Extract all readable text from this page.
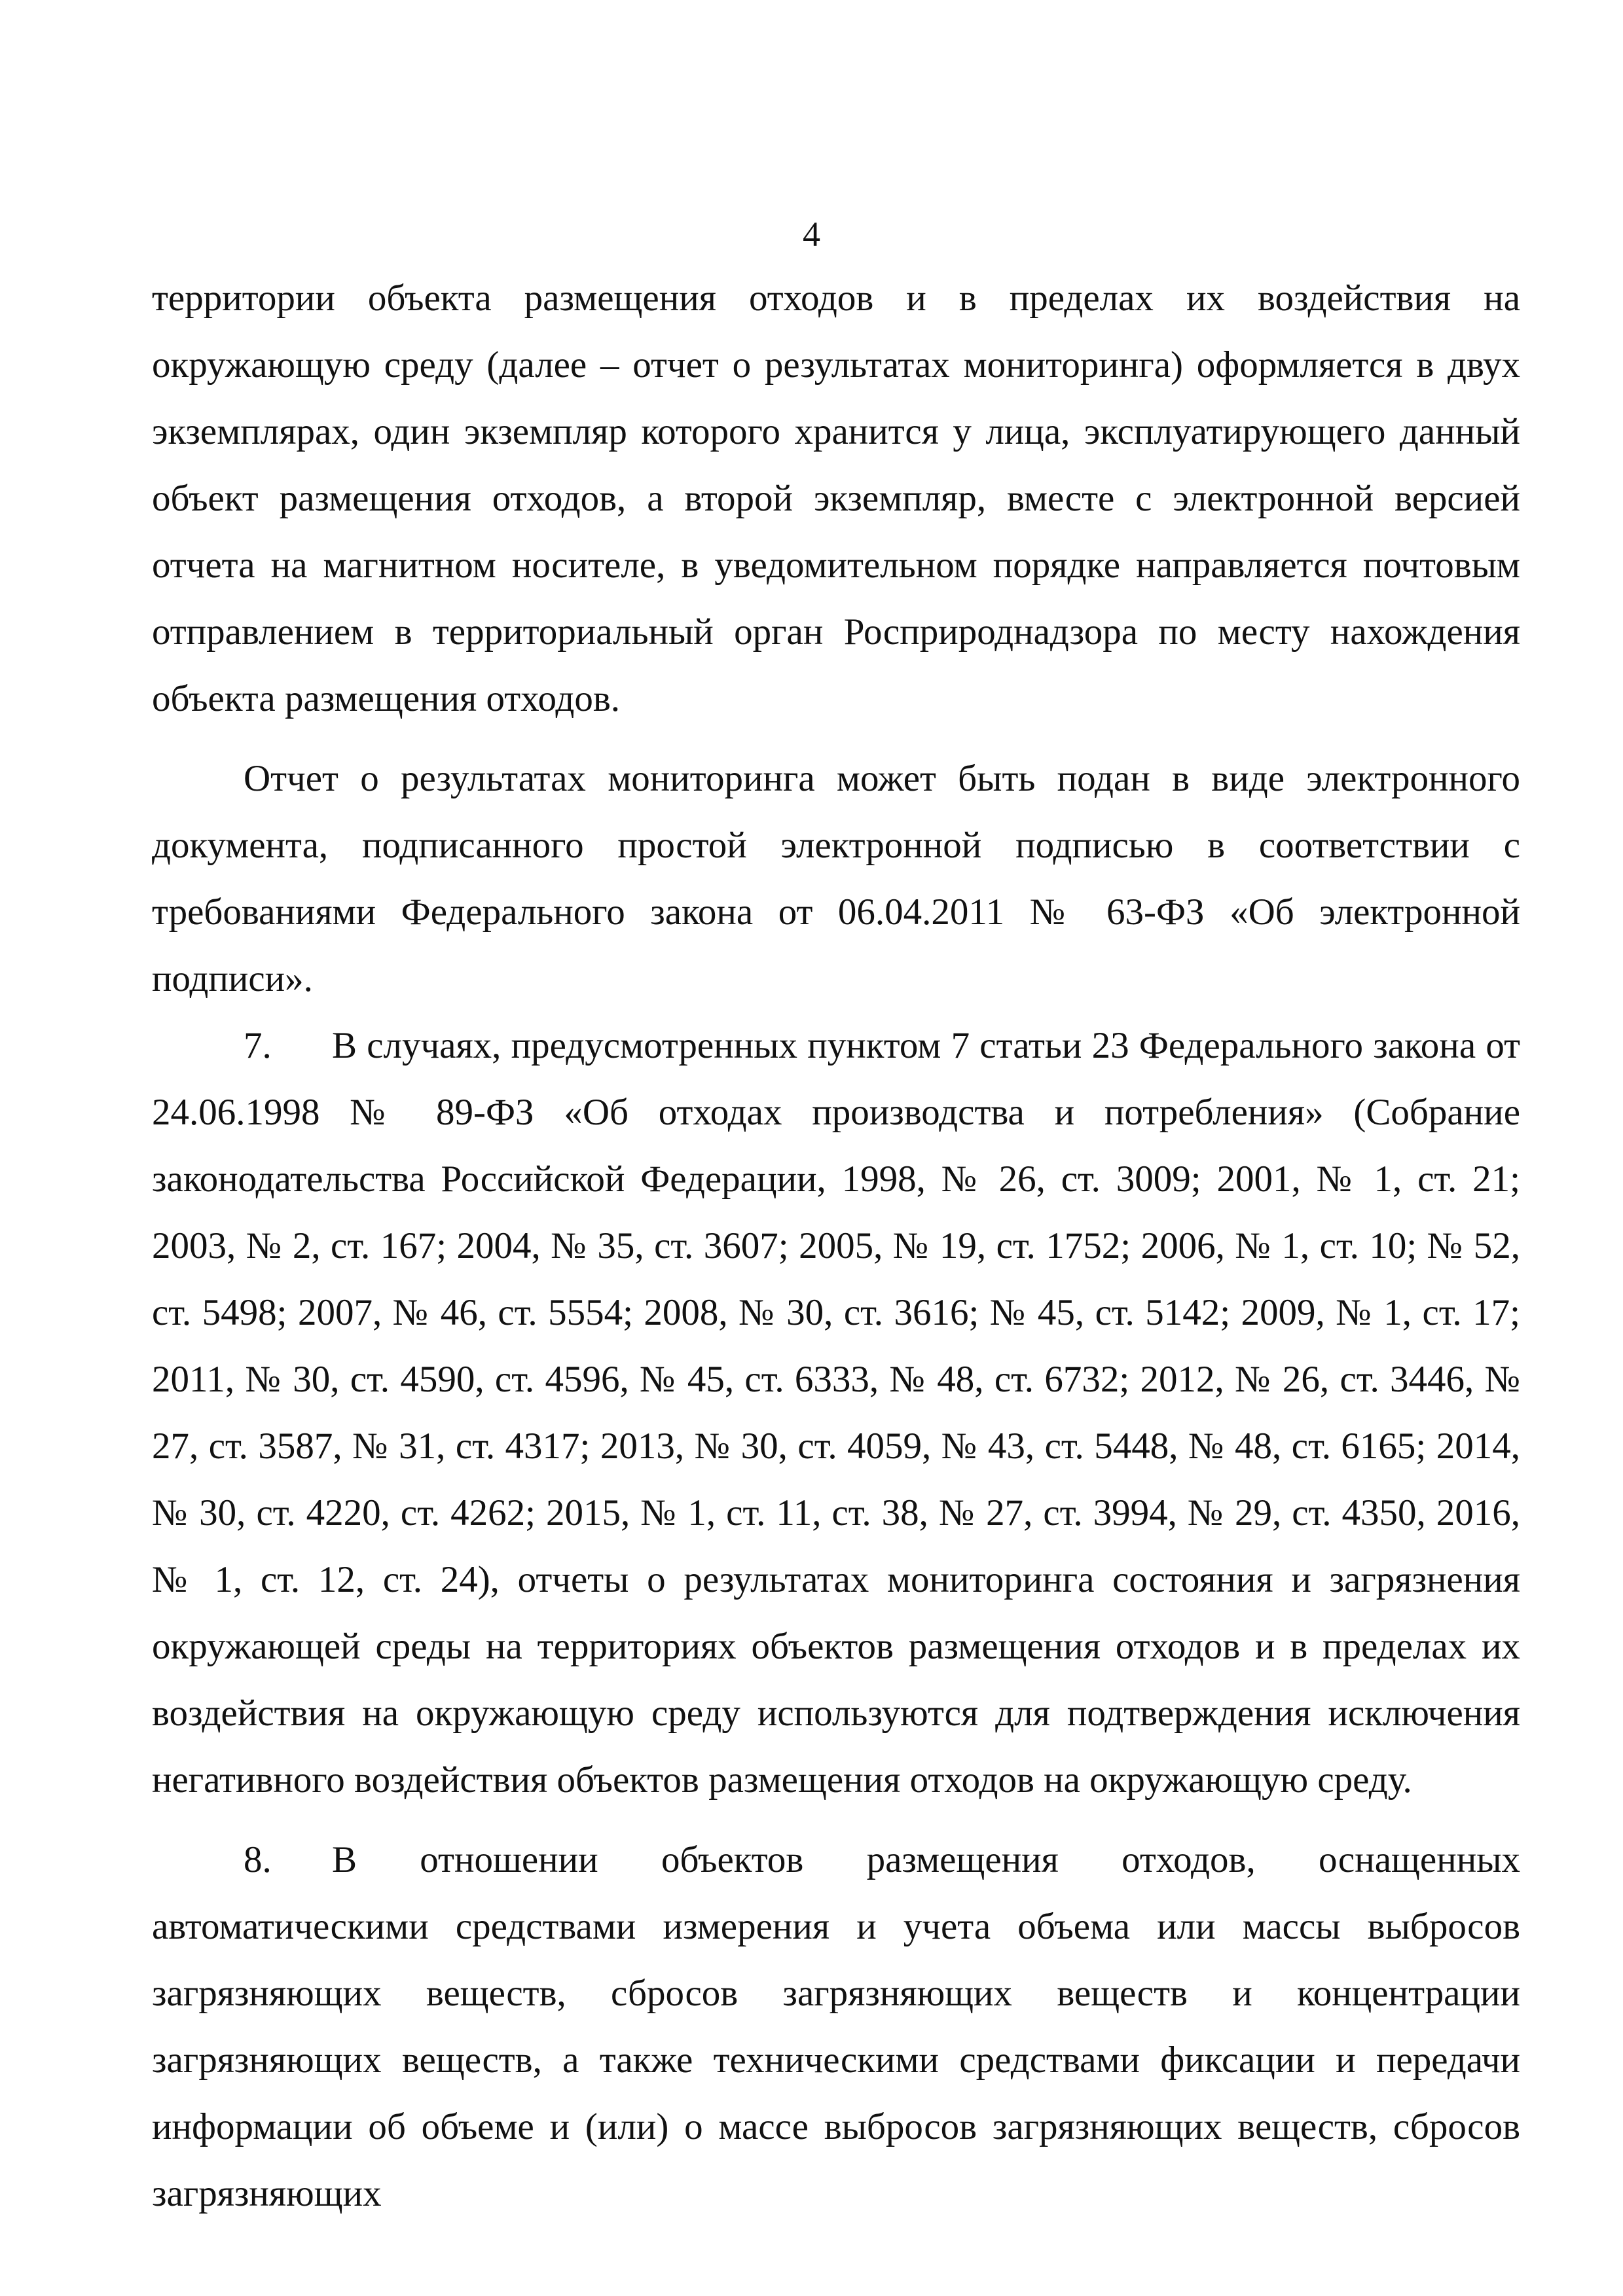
4

территории объекта размещения отходов и в пределах их воздействия на окружающую среду (далее – отчет о результатах мониторинга) оформляется в двух экземплярах, один экземпляр которого хранится у лица, эксплуатирующего данный объект размещения отходов, а второй экземпляр, вместе с электронной версией отчета на магнитном носителе, в уведомительном порядке направляется почтовым отправлением в территориальный орган Росприроднадзора по месту нахождения объекта размещения отходов.

Отчет о результатах мониторинга может быть подан в виде электронного документа, подписанного простой электронной подписью в соответствии с требованиями Федерального закона от 06.04.2011 № 63-ФЗ «Об электронной подписи».

7. В случаях, предусмотренных пунктом 7 статьи 23 Федерального закона от 24.06.1998 № 89-ФЗ «Об отходах производства и потребления» (Собрание законодательства Российской Федерации, 1998, № 26, ст. 3009; 2001, № 1, ст. 21; 2003, № 2, ст. 167; 2004, № 35, ст. 3607; 2005, № 19, ст. 1752; 2006, № 1, ст. 10; № 52, ст. 5498; 2007, № 46, ст. 5554; 2008, № 30, ст. 3616; № 45, ст. 5142; 2009, № 1, ст. 17; 2011, № 30, ст. 4590, ст. 4596, № 45, ст. 6333, № 48, ст. 6732; 2012, № 26, ст. 3446, № 27, ст. 3587, № 31, ст. 4317; 2013, № 30, ст. 4059, № 43, ст. 5448, № 48, ст. 6165; 2014, № 30, ст. 4220, ст. 4262; 2015, № 1, ст. 11, ст. 38, № 27, ст. 3994, № 29, ст. 4350, 2016, № 1, ст. 12, ст. 24), отчеты о результатах мониторинга состояния и загрязнения окружающей среды на территориях объектов размещения отходов и в пределах их воздействия на окружающую среду используются для подтверждения исключения негативного воздействия объектов размещения отходов на окружающую среду.

8. В отношении объектов размещения отходов, оснащенных автоматическими средствами измерения и учета объема или массы выбросов загрязняющих веществ, сбросов загрязняющих веществ и концентрации загрязняющих веществ, а также техническими средствами фиксации и передачи информации об объеме и (или) о массе выбросов загрязняющих веществ, сбросов загрязняющих
